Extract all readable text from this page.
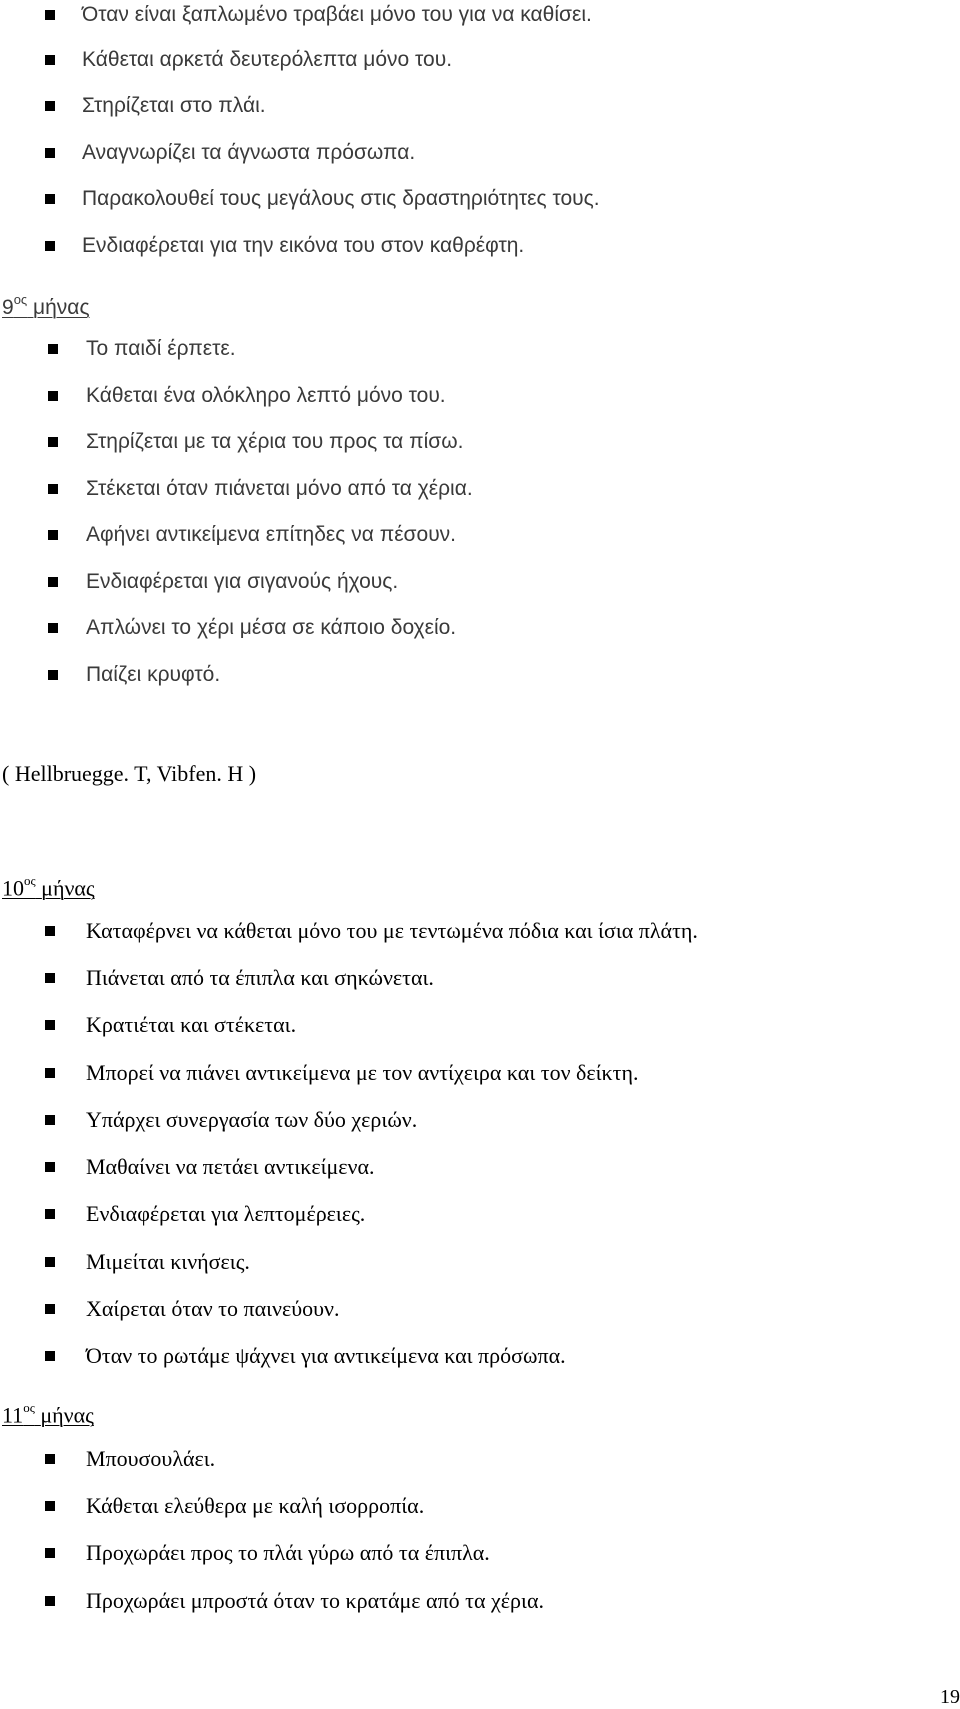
Όταν είναι ξαπλωμένο τραβάει μόνο του για να καθίσει.
Κάθεται αρκετά δευτερόλεπτα μόνο του.
Στηρίζεται στο πλάι.
Αναγνωρίζει τα άγνωστα πρόσωπα.
Παρακολουθεί τους μεγάλους στις δραστηριότητες τους.
Ενδιαφέρεται για την εικόνα του στον καθρέφτη.
$9^{o\varsigma}$ μήνας
Το παιδί έρπετε.
Κάθεται ένα ολόκληρο λεπτό μόνο του.
Στηρίζεται με τα χέρια του προς τα πίσω.
Στέκεται όταν πιάνεται μόνο από τα χέρια.
Αφήνει αντικείμενα επίτηδες να πέσουν.
Ενδιαφέρεται για σιγανούς ήχους.
Απλώνει το χέρι μέσα σε κάποιο δοχείο.
Παίζει κρυφτό.
( Hellbruegge. T, Vibfen. H )
$10^{o\varsigma}$ μήνας
Καταφέρνει να κάθεται μόνο του με τεντωμένα πόδια και ίσια πλάτη.
Πιάνεται από τα έπιπλα και σηκώνεται.
Κρατιέται και στέκεται.
Μπορεί να πιάνει αντικείμενα με τον αντίχειρα και τον δείκτη.
Υπάρχει συνεργασία των δύο χεριών.
Μαθαίνει να πετάει αντικείμενα.
Ενδιαφέρεται για λεπτομέρειες.
Μιμείται κινήσεις.
Χαίρεται όταν το παινεύουν.
Όταν το ρωτάμε ψάχνει για αντικείμενα και πρόσωπα.
$11^{o\varsigma}$ μήνας
Μπουσουλάει.
Κάθεται ελεύθερα με καλή ισορροπία.
Προχωράει προς το πλάι γύρω από τα έπιπλα.
Προχωράει μπροστά όταν το κρατάμε από τα χέρια.
19
